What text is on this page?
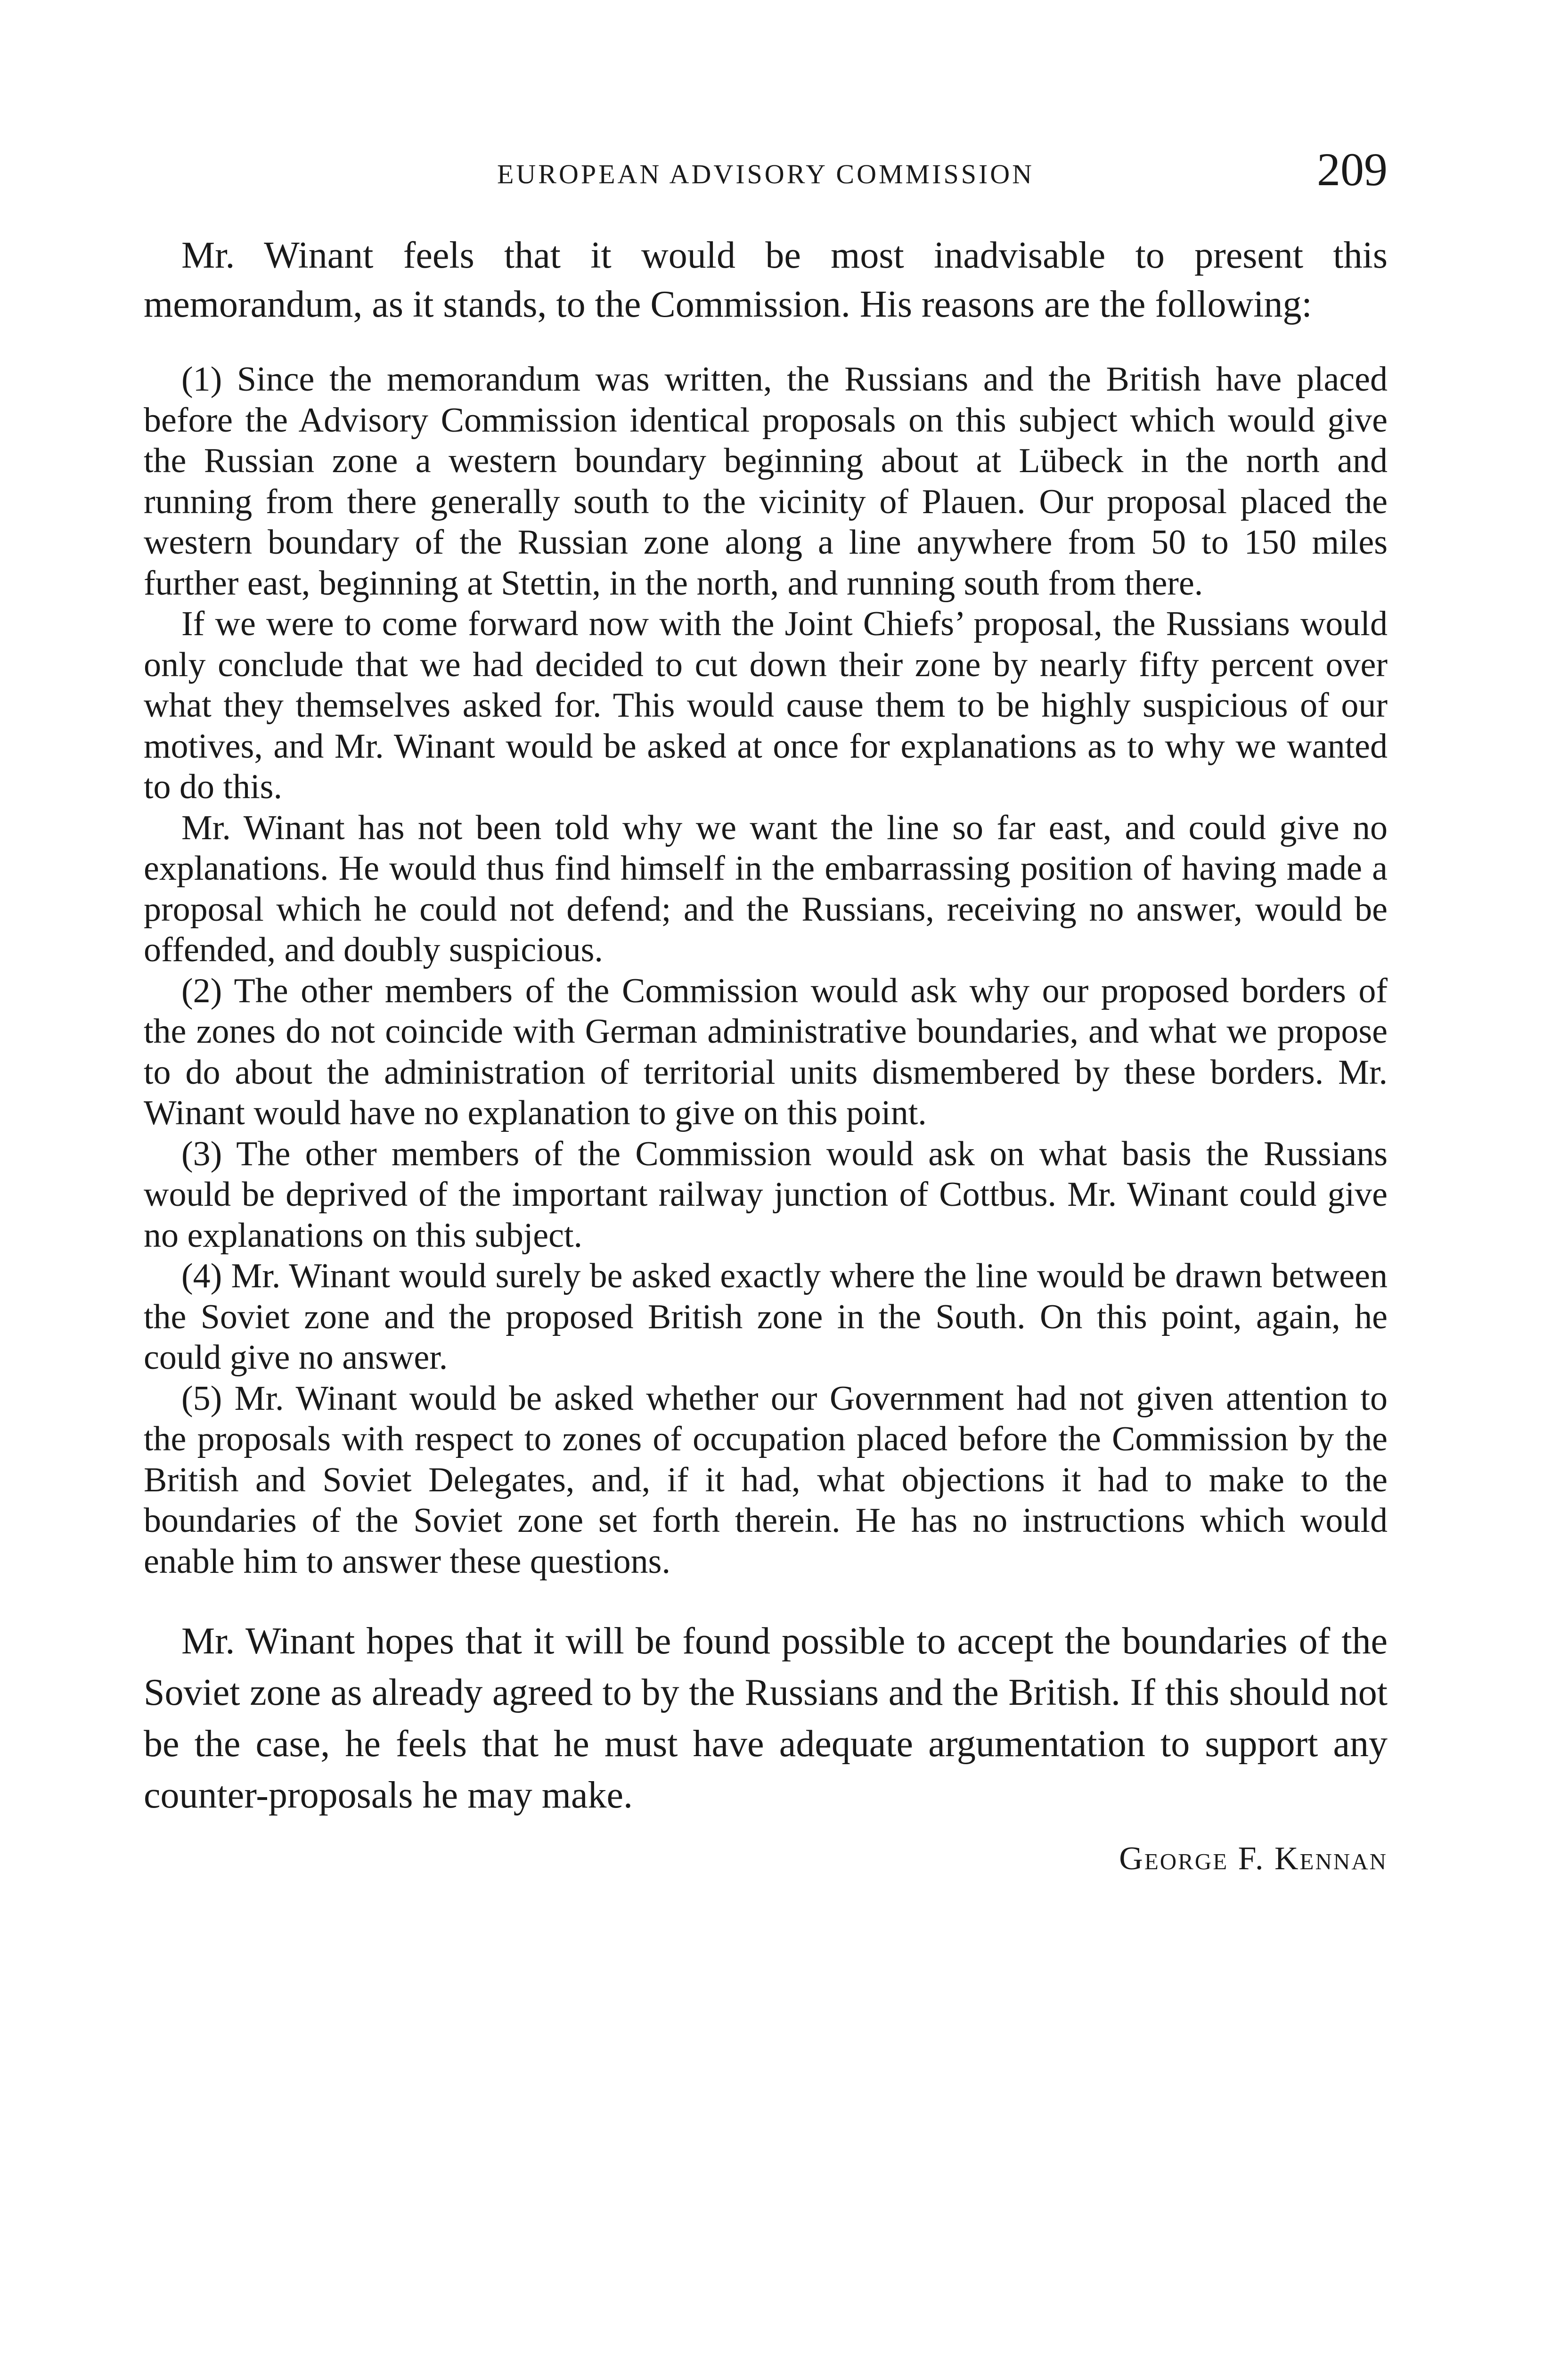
EUROPEAN ADVISORY COMMISSION	209

Mr. Winant feels that it would be most inadvisable to present this memorandum, as it stands, to the Commission. His reasons are the following:

(1) Since the memorandum was written, the Russians and the British have placed before the Advisory Commission identical proposals on this subject which would give the Russian zone a western boundary beginning about at Lübeck in the north and running from there generally south to the vicinity of Plauen. Our proposal placed the western boundary of the Russian zone along a line anywhere from 50 to 150 miles further east, beginning at Stettin, in the north, and running south from there.

If we were to come forward now with the Joint Chiefs’ proposal, the Russians would only conclude that we had decided to cut down their zone by nearly fifty percent over what they themselves asked for. This would cause them to be highly suspicious of our motives, and Mr. Winant would be asked at once for explanations as to why we wanted to do this.

Mr. Winant has not been told why we want the line so far east, and could give no explanations. He would thus find himself in the embarrassing position of having made a proposal which he could not defend; and the Russians, receiving no answer, would be offended, and doubly suspicious.

(2) The other members of the Commission would ask why our proposed borders of the zones do not coincide with German administrative boundaries, and what we propose to do about the administration of territorial units dismembered by these borders. Mr. Winant would have no explanation to give on this point.

(3) The other members of the Commission would ask on what basis the Russians would be deprived of the important railway junction of Cottbus. Mr. Winant could give no explanations on this subject.

(4) Mr. Winant would surely be asked exactly where the line would be drawn between the Soviet zone and the proposed British zone in the South. On this point, again, he could give no answer.

(5) Mr. Winant would be asked whether our Government had not given attention to the proposals with respect to zones of occupation placed before the Commission by the British and Soviet Delegates, and, if it had, what objections it had to make to the boundaries of the Soviet zone set forth therein. He has no instructions which would enable him to answer these questions.

Mr. Winant hopes that it will be found possible to accept the boundaries of the Soviet zone as already agreed to by the Russians and the British. If this should not be the case, he feels that he must have adequate argumentation to support any counter-proposals he may make.

George F. Kennan
